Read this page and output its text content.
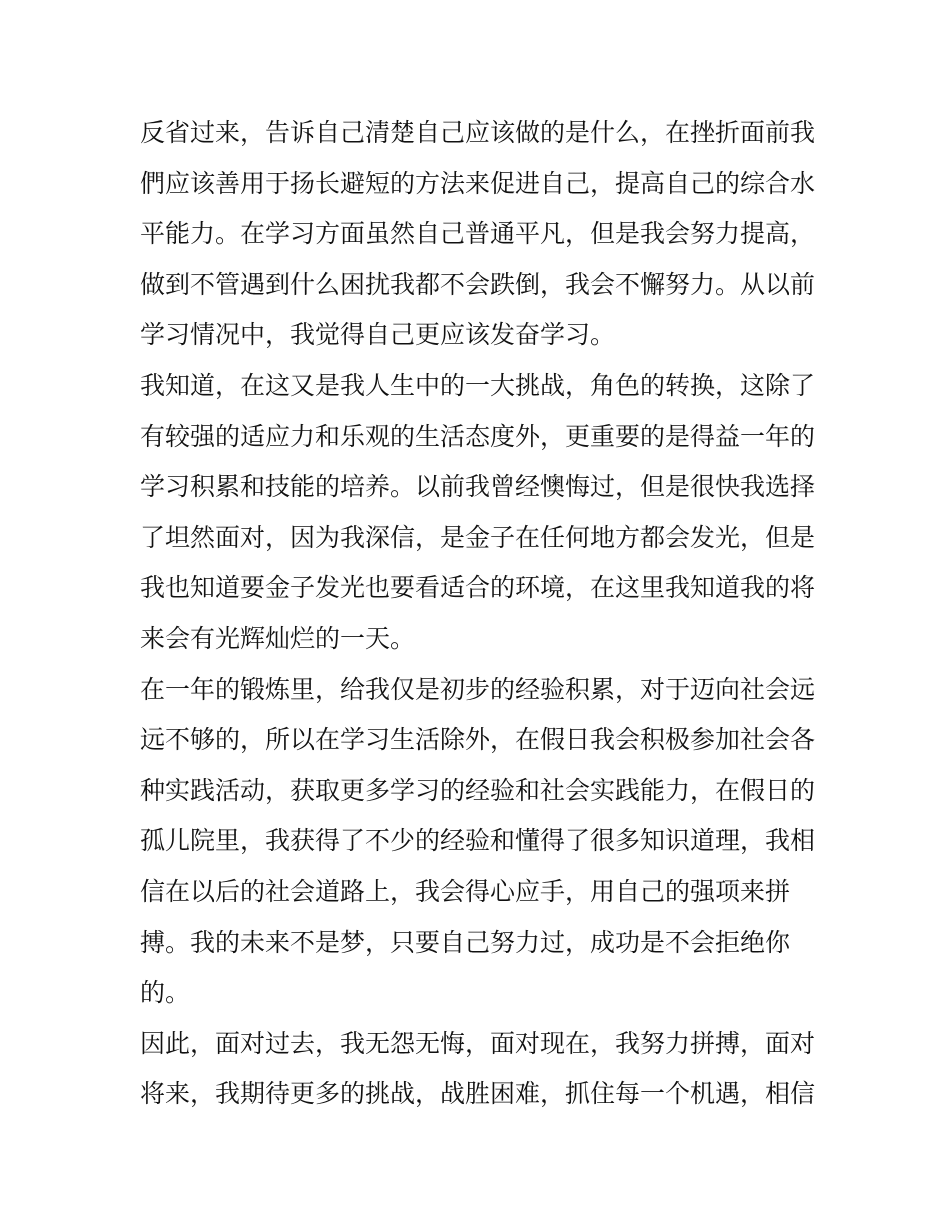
反省过来，告诉自己清楚自己应该做的是什么，在挫折面前我
們应该善用于扬长避短的方法来促进自己，提高自己的综合水
平能力。在学习方面虽然自己普通平凡，但是我会努力提高，
做到不管遇到什么困扰我都不会跌倒，我会不懈努力。从以前
学习情况中，我觉得自己更应该发奋学习。
我知道，在这又是我人生中的一大挑战，角色的转换，这除了
有较强的适应力和乐观的生活态度外，更重要的是得益一年的
学习积累和技能的培养。以前我曾经懊悔过，但是很快我选择
了坦然面对，因为我深信，是金子在任何地方都会发光，但是
我也知道要金子发光也要看适合的环境，在这里我知道我的将
来会有光辉灿烂的一天。
在一年的锻炼里，给我仅是初步的经验积累，对于迈向社会远
远不够的，所以在学习生活除外，在假日我会积极参加社会各
种实践活动，获取更多学习的经验和社会实践能力，在假日的
孤儿院里，我获得了不少的经验和懂得了很多知识道理，我相
信在以后的社会道路上，我会得心应手，用自己的强项来拼
搏。我的未来不是梦，只要自己努力过，成功是不会拒绝你
的。
因此，面对过去，我无怨无悔，面对现在，我努力拼搏，面对
将来，我期待更多的挑战，战胜困难，抓住每一个机遇，相信
